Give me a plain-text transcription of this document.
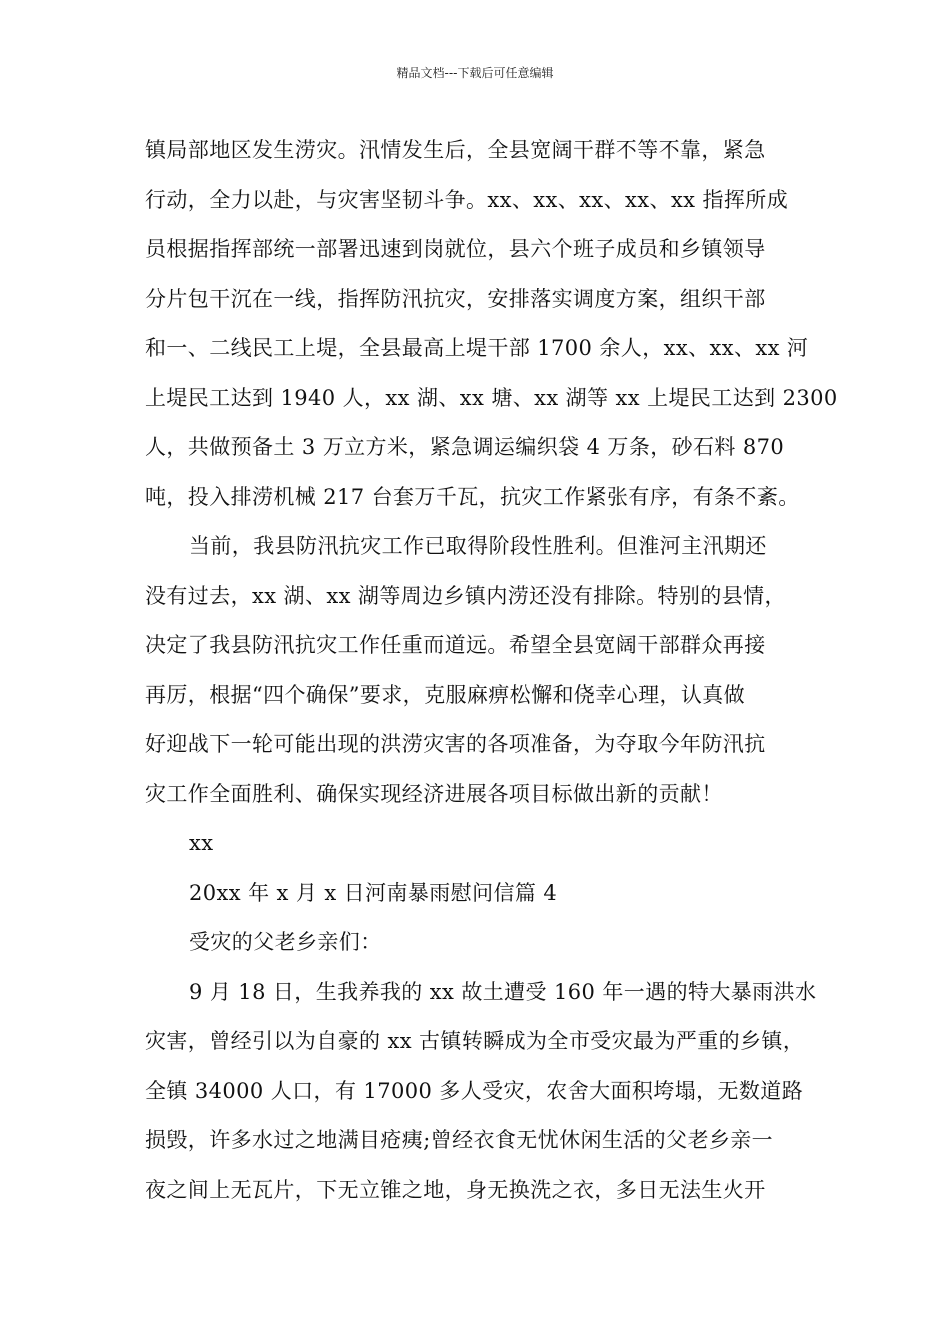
精品文档---下载后可任意编辑
镇局部地区发生涝灾。汛情发生后，全县宽阔干群不等不靠，紧急
行动，全力以赴，与灾害坚韧斗争。xx、xx、xx、xx、xx 指挥所成
员根据指挥部统一部署迅速到岗就位，县六个班子成员和乡镇领导
分片包干沉在一线，指挥防汛抗灾，安排落实调度方案，组织干部
和一、二线民工上堤，全县最高上堤干部 1700 余人，xx、xx、xx 河
上堤民工达到 1940 人，xx 湖、xx 塘、xx 湖等 xx 上堤民工达到 2300
人，共做预备土 3 万立方米，紧急调运编织袋 4 万条，砂石料 870
吨，投入排涝机械 217 台套万千瓦，抗灾工作紧张有序，有条不紊。
当前，我县防汛抗灾工作已取得阶段性胜利。但淮河主汛期还
没有过去，xx 湖、xx 湖等周边乡镇内涝还没有排除。特别的县情，
决定了我县防汛抗灾工作任重而道远。希望全县宽阔干部群众再接
再厉，根据“四个确保”要求，克服麻痹松懈和侥幸心理，认真做
好迎战下一轮可能出现的洪涝灾害的各项准备，为夺取今年防汛抗
灾工作全面胜利、确保实现经济进展各项目标做出新的贡献！
xx
20xx 年 x 月 x 日河南暴雨慰问信篇 4
受灾的父老乡亲们：
9 月 18 日，生我养我的 xx 故土遭受 160 年一遇的特大暴雨洪水
灾害，曾经引以为自豪的 xx 古镇转瞬成为全市受灾最为严重的乡镇，
全镇 34000 人口，有 17000 多人受灾，农舍大面积垮塌，无数道路
损毁，许多水过之地满目疮痍;曾经衣食无忧休闲生活的父老乡亲一
夜之间上无瓦片，下无立锥之地，身无换洗之衣，多日无法生火开
